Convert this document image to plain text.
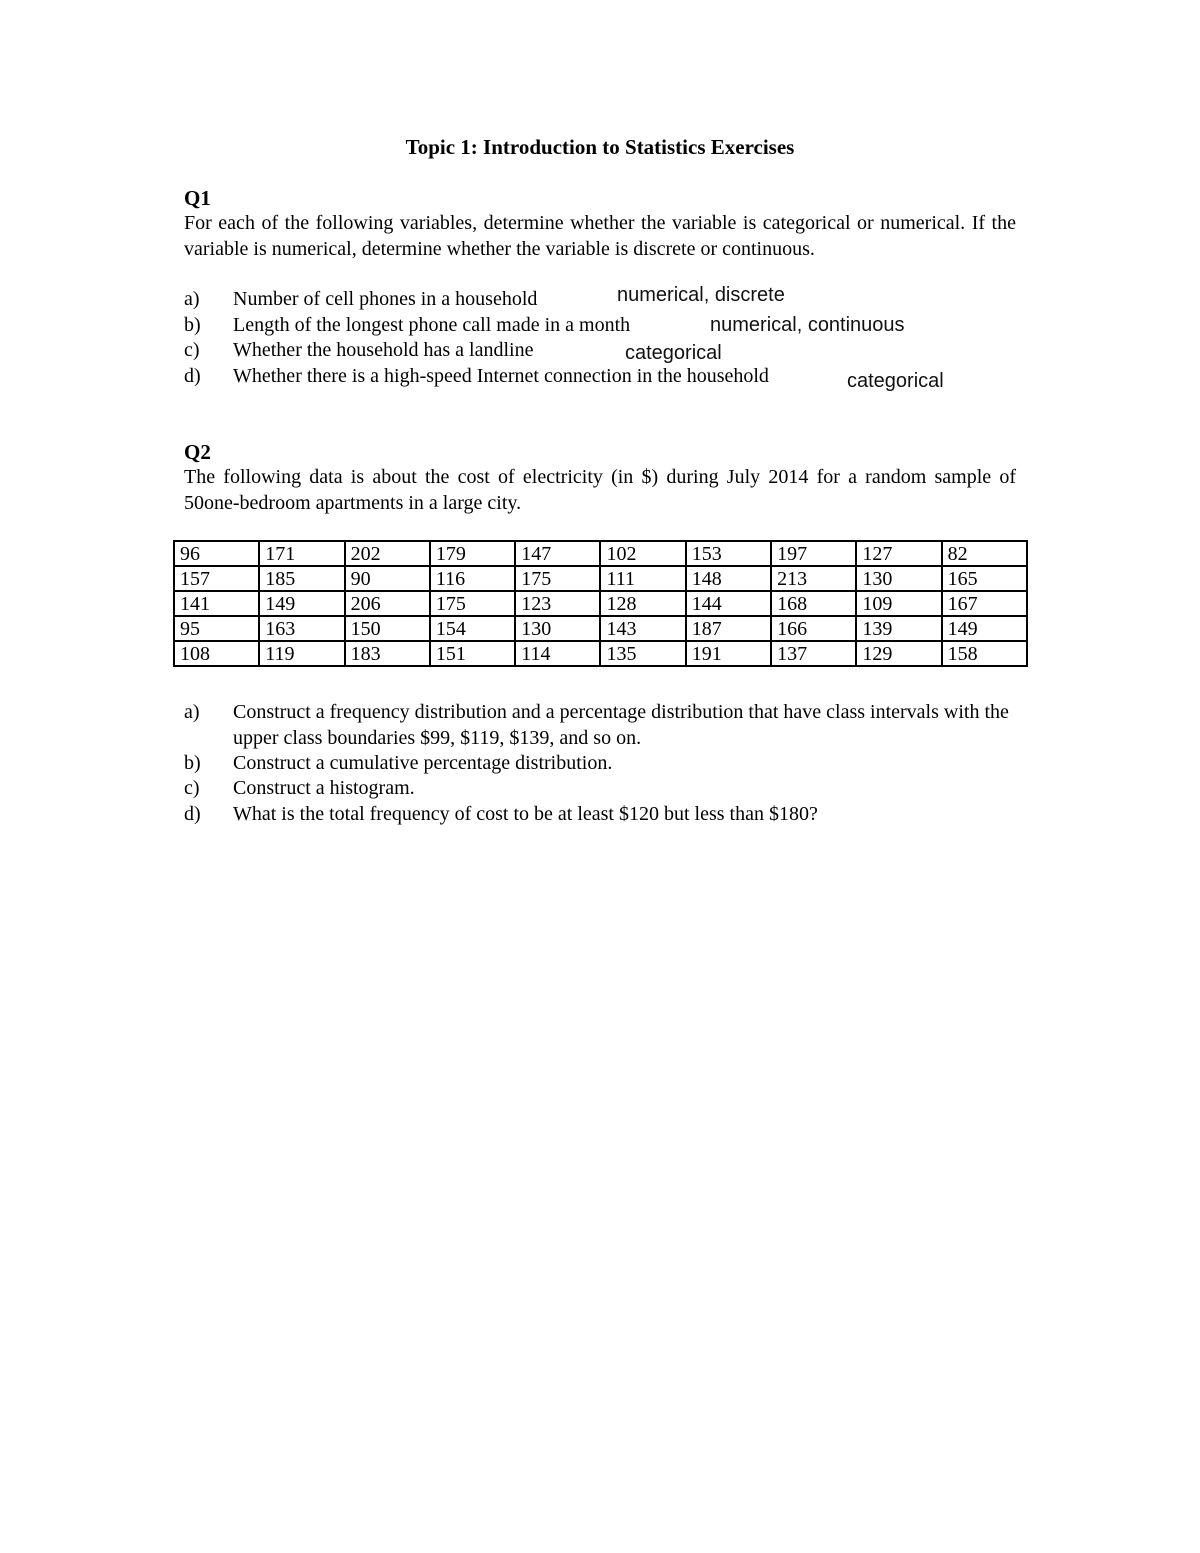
Topic 1: Introduction to Statistics Exercises
Q1
For each of the following variables, determine whether the variable is categorical or numerical. If the variable is numerical, determine whether the variable is discrete or continuous.
a) Number of cell phones in a household
b) Length of the longest phone call made in a month
c) Whether the household has a landline
d) Whether there is a high-speed Internet connection in the household
numerical, discrete
numerical, continuous
categorical
categorical
Q2
The following data is about the cost of electricity (in $) during July 2014 for a random sample of 50one-bedroom apartments in a large city.
96	171	202	179	147	102	153	197	127	82
157	185	90	116	175	111	148	213	130	165
141	149	206	175	123	128	144	168	109	167
95	163	150	154	130	143	187	166	139	149
108	119	183	151	114	135	191	137	129	158
a) Construct a frequency distribution and a percentage distribution that have class intervals with the upper class boundaries $99, $119, $139, and so on.
b) Construct a cumulative percentage distribution.
c) Construct a histogram.
d) What is the total frequency of cost to be at least $120 but less than $180?
